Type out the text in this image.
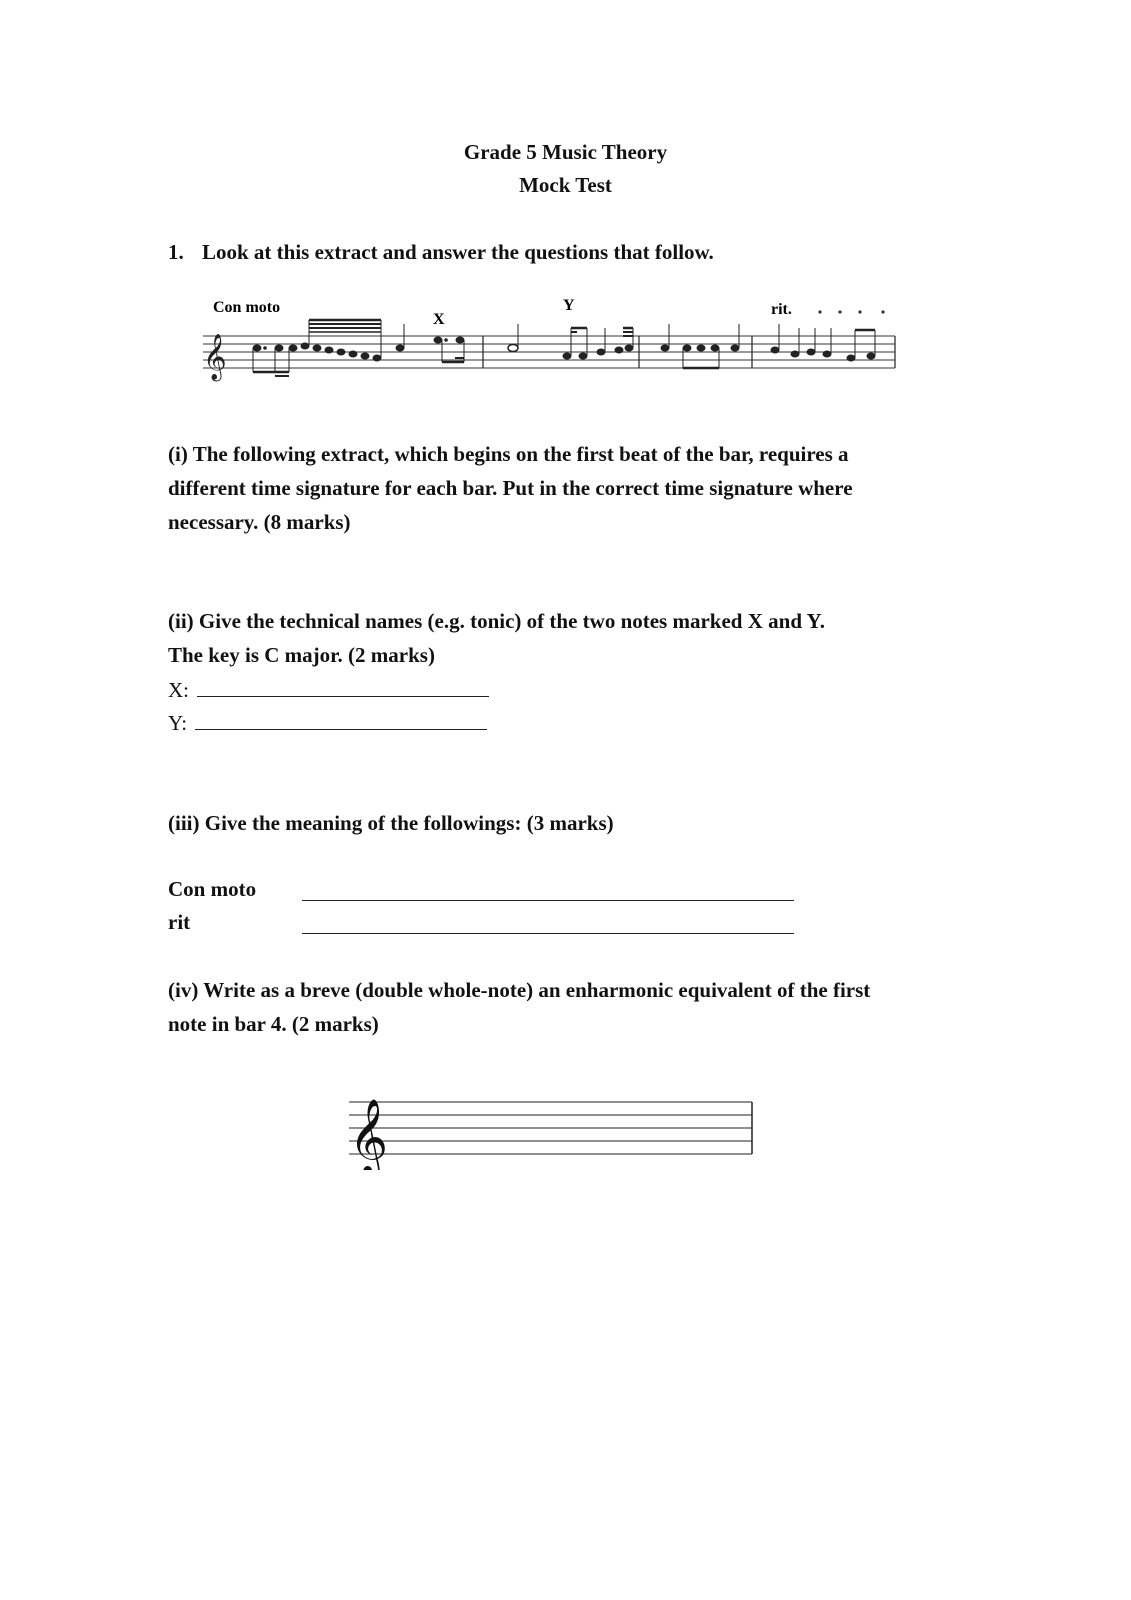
Grade 5 Music Theory
Mock Test
1. Look at this extract and answer the questions that follow.
Con moto
X
Y	rit.
𝄞
(i) The following extract, which begins on the first beat of the bar, requires a different time signature for each bar. Put in the correct time signature where necessary. (8 marks)
(ii) Give the technical names (e.g. tonic) of the two notes marked X and Y.
The key is C major. (2 marks)
X:
Y:
(iii) Give the meaning of the followings: (3 marks)
Con moto
rit
(iv) Write as a breve (double whole-note) an enharmonic equivalent of the first
note in bar 4. (2 marks)
𝄞
